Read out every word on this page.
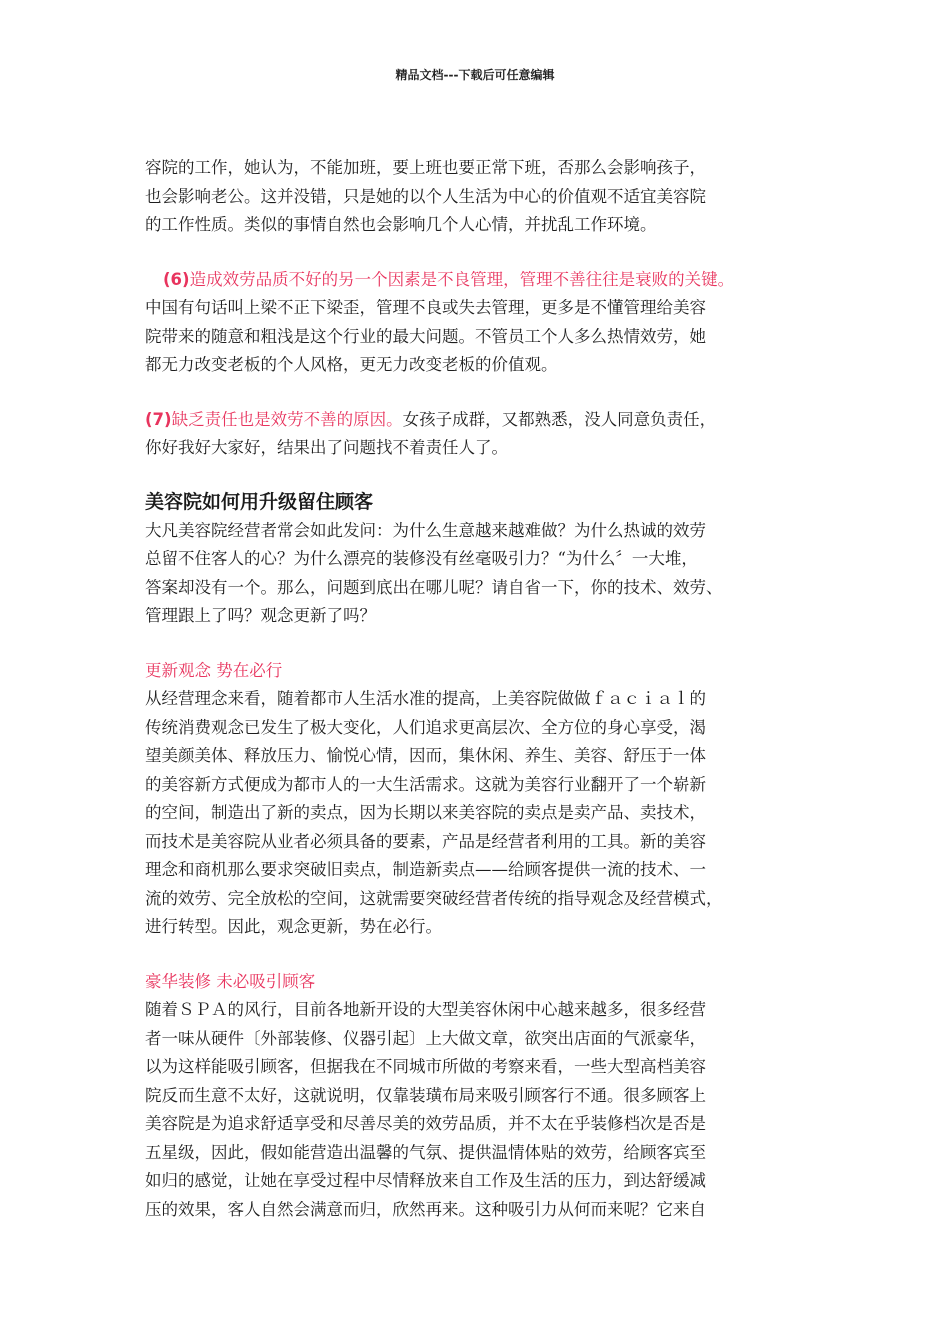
精品文档---下载后可任意编辑
容院的工作，她认为，不能加班，要上班也要正常下班，否那么会影响孩子，
也会影响老公。这并没错，只是她的以个人生活为中心的价值观不适宜美容院
的工作性质。类似的事情自然也会影响几个人心情，并扰乱工作环境。
(6)造成效劳品质不好的另一个因素是不良管理，管理不善往往是衰败的关键。
中国有句话叫上梁不正下梁歪，管理不良或失去管理，更多是不懂管理给美容
院带来的随意和粗浅是这个行业的最大问题。不管员工个人多么热情效劳，她
都无力改变老板的个人风格，更无力改变老板的价值观。
(7)缺乏责任也是效劳不善的原因。女孩子成群，又都熟悉，没人同意负责任，
你好我好大家好，结果出了问题找不着责任人了。
美容院如何用升级留住顾客
大凡美容院经营者常会如此发问：为什么生意越来越难做？为什么热诚的效劳
总留不住客人的心？为什么漂亮的装修没有丝毫吸引力？“为什么〞一大堆，
答案却没有一个。那么，问题到底出在哪儿呢？请自省一下，你的技术、效劳、
管理跟上了吗？观念更新了吗？
更新观念 势在必行
从经营理念来看，随着都市人生活水准的提高，上美容院做做ｆａｃｉａｌ的
传统消费观念已发生了极大变化，人们追求更高层次、全方位的身心享受，渴
望美颜美体、释放压力、愉悦心情，因而，集休闲、养生、美容、舒压于一体
的美容新方式便成为都市人的一大生活需求。这就为美容行业翻开了一个崭新
的空间，制造出了新的卖点，因为长期以来美容院的卖点是卖产品、卖技术，
而技术是美容院从业者必须具备的要素，产品是经营者利用的工具。新的美容
理念和商机那么要求突破旧卖点，制造新卖点——给顾客提供一流的技术、一
流的效劳、完全放松的空间，这就需要突破经营者传统的指导观念及经营模式，
进行转型。因此，观念更新，势在必行。
豪华装修 未必吸引顾客
随着ＳＰＡ的风行，目前各地新开设的大型美容休闲中心越来越多，很多经营
者一味从硬件〔外部装修、仪器引起〕上大做文章，欲突出店面的气派豪华，
以为这样能吸引顾客，但据我在不同城市所做的考察来看，一些大型高档美容
院反而生意不太好，这就说明，仅靠装璜布局来吸引顾客行不通。很多顾客上
美容院是为追求舒适享受和尽善尽美的效劳品质，并不太在乎装修档次是否是
五星级，因此，假如能营造出温馨的气氛、提供温情体贴的效劳，给顾客宾至
如归的感觉，让她在享受过程中尽情释放来自工作及生活的压力，到达舒缓减
压的效果，客人自然会满意而归，欣然再来。这种吸引力从何而来呢？它来自
